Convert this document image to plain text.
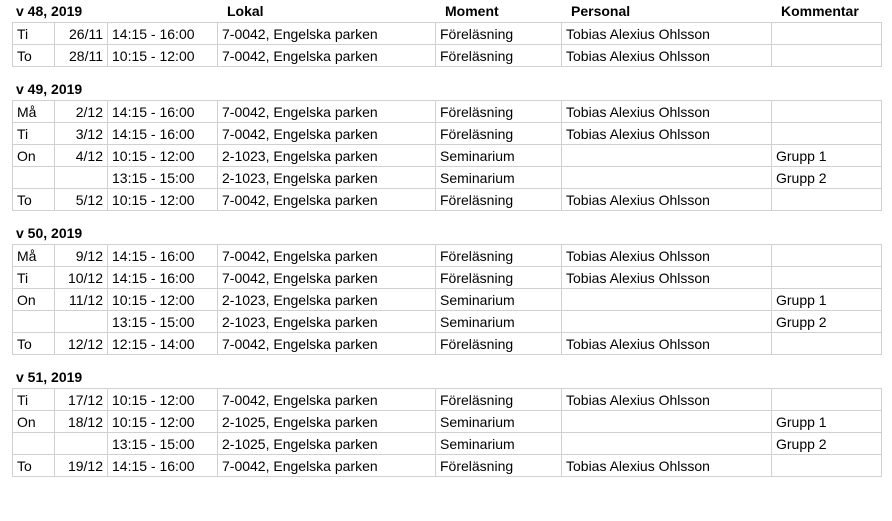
v 48, 2019	Lokal	Moment	Personal	Kommentar
Ti	26/11	14:15 - 16:00	7-0042, Engelska parken	Föreläsning	Tobias Alexius Ohlsson	
To	28/11	10:15 - 12:00	7-0042, Engelska parken	Föreläsning	Tobias Alexius Ohlsson	
v 49, 2019
Må	2/12	14:15 - 16:00	7-0042, Engelska parken	Föreläsning	Tobias Alexius Ohlsson	
Ti	3/12	14:15 - 16:00	7-0042, Engelska parken	Föreläsning	Tobias Alexius Ohlsson	
On	4/12	10:15 - 12:00	2-1023, Engelska parken	Seminarium		Grupp 1
		13:15 - 15:00	2-1023, Engelska parken	Seminarium		Grupp 2
To	5/12	10:15 - 12:00	7-0042, Engelska parken	Föreläsning	Tobias Alexius Ohlsson	
v 50, 2019
Må	9/12	14:15 - 16:00	7-0042, Engelska parken	Föreläsning	Tobias Alexius Ohlsson	
Ti	10/12	14:15 - 16:00	7-0042, Engelska parken	Föreläsning	Tobias Alexius Ohlsson	
On	11/12	10:15 - 12:00	2-1023, Engelska parken	Seminarium		Grupp 1
		13:15 - 15:00	2-1023, Engelska parken	Seminarium		Grupp 2
To	12/12	12:15 - 14:00	7-0042, Engelska parken	Föreläsning	Tobias Alexius Ohlsson	
v 51, 2019
Ti	17/12	10:15 - 12:00	7-0042, Engelska parken	Föreläsning	Tobias Alexius Ohlsson	
On	18/12	10:15 - 12:00	2-1025, Engelska parken	Seminarium		Grupp 1
		13:15 - 15:00	2-1025, Engelska parken	Seminarium		Grupp 2
To	19/12	14:15 - 16:00	7-0042, Engelska parken	Föreläsning	Tobias Alexius Ohlsson	
